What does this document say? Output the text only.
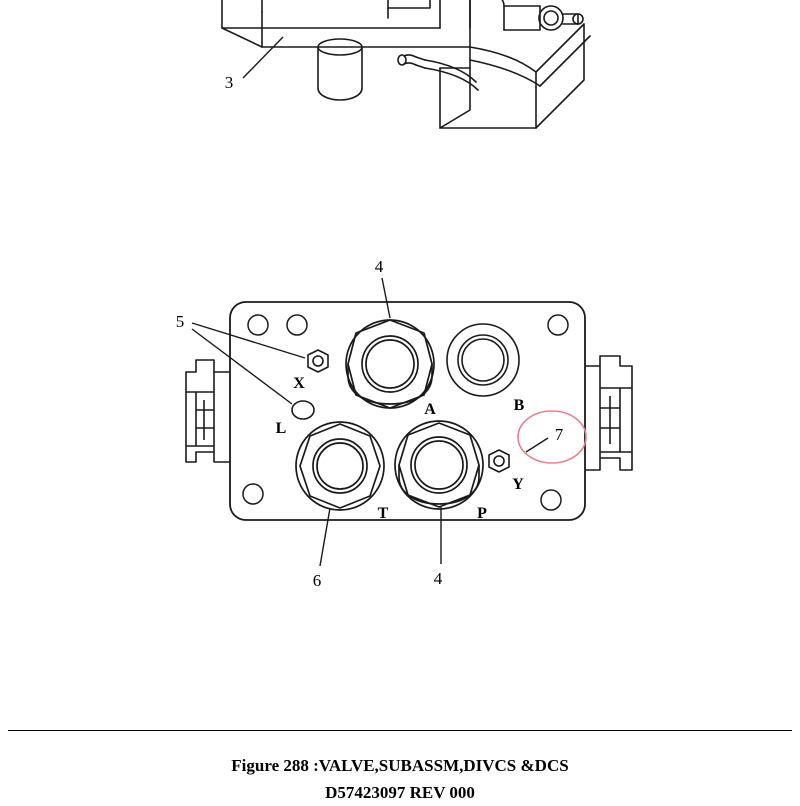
3
4
5
7
6	4
X
A	B
L
Y
T	P
Figure 288 :VALVE,SUBASSM,DIVCS &DCS
D57423097 REV 000
